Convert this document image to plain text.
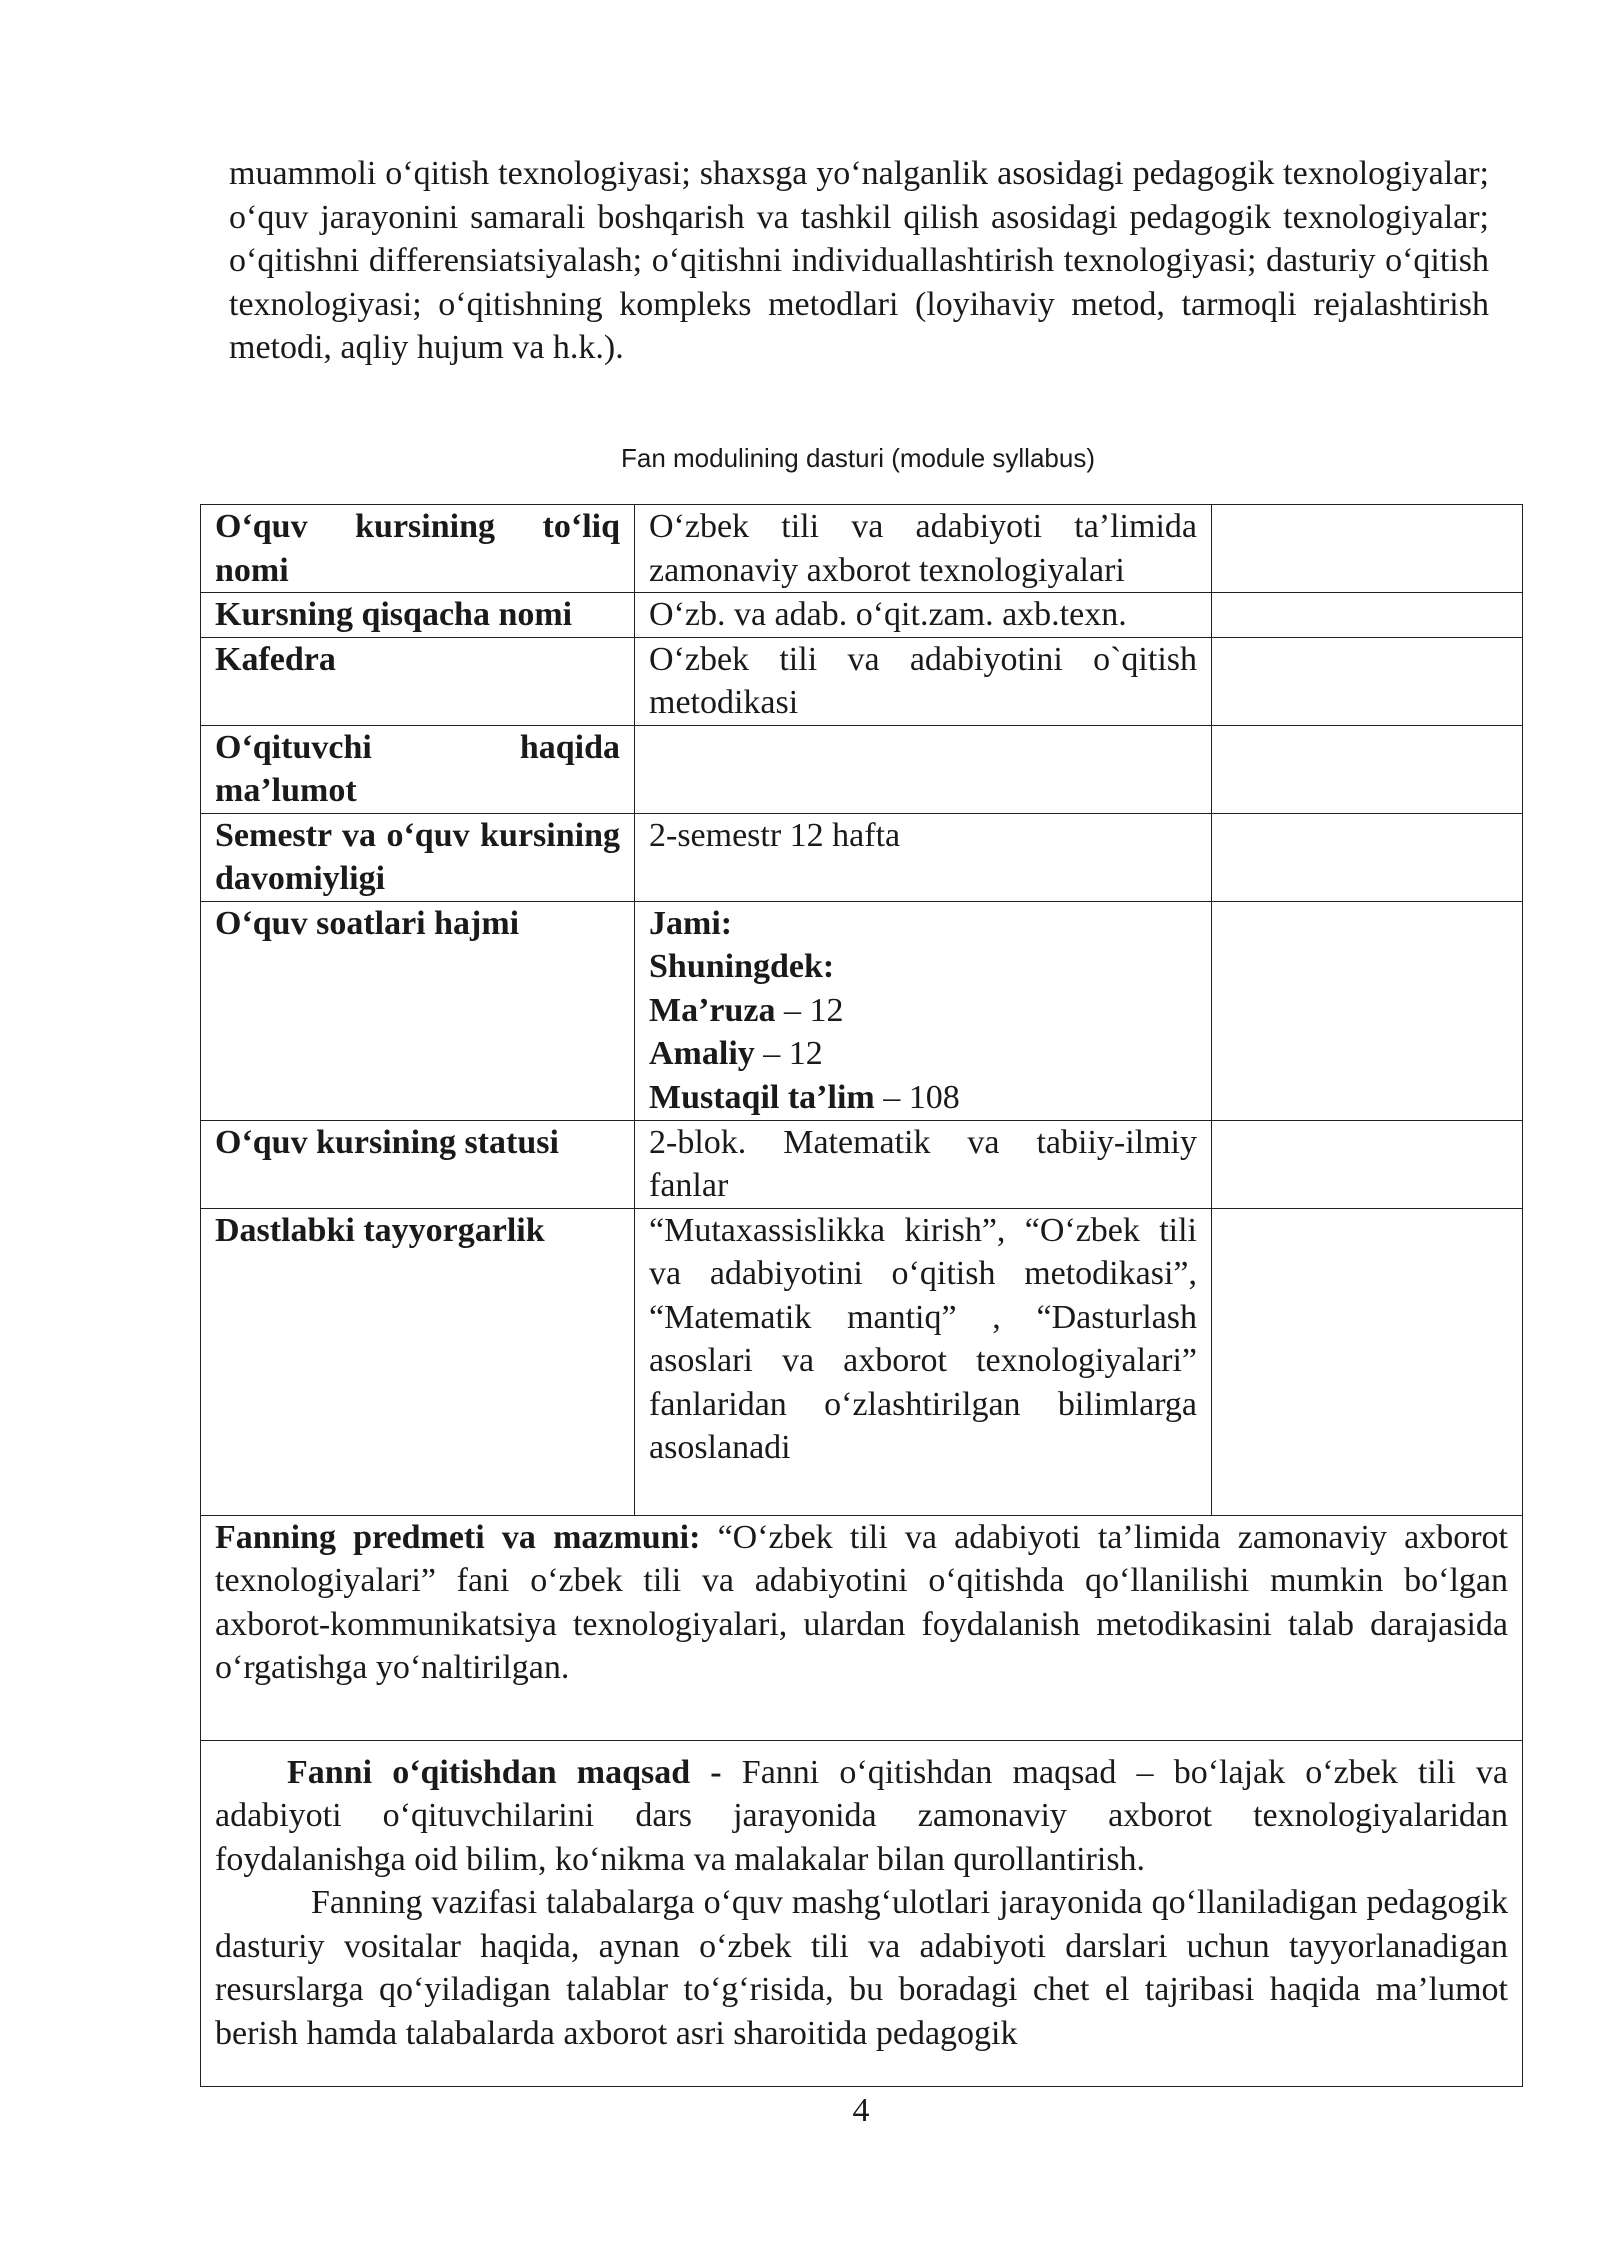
muammoli o‘qitish texnologiyasi; shaxsga yo‘nalganlik asosidagi pedagogik texnologiyalar; o‘quv jarayonini samarali boshqarish va tashkil qilish asosidagi pedagogik texnologiyalar; o‘qitishni differensiatsiyalash; o‘qitishni individuallashtirish texnologiyasi; dasturiy o‘qitish texnologiyasi; o‘qitishning kompleks metodlari (loyihaviy metod, tarmoqli rejalashtirish metodi, aqliy hujum va h.k.).

Fan modulining dasturi (module syllabus)

O‘quv kursining to‘liq nomi	O‘zbek tili va adabiyoti ta’limida zamonaviy axborot texnologiyalari	
Kursning qisqacha nomi	O‘zb. va adab. o‘qit.zam. axb.texn.	
Kafedra	O‘zbek tili va adabiyotini o`qitish metodikasi	
O‘qituvchi haqida ma’lumot		
Semestr va o‘quv kursining davomiyligi	2-semestr 12 hafta	
O‘quv soatlari hajmi	Jami:
Shuningdek:
Ma’ruza – 12
Amaliy – 12
Mustaqil ta’lim – 108	
O‘quv kursining statusi	2-blok. Matematik va tabiiy-ilmiy fanlar	
Dastlabki tayyorgarlik	“Mutaxassislikka kirish”, “O‘zbek tili va adabiyotini o‘qitish metodikasi”, “Matematik mantiq” , “Dasturlash asoslari va axborot texnologiyalari” fanlaridan o‘zlashtirilgan bilimlarga asoslanadi	

Fanning predmeti va mazmuni: “O‘zbek tili va adabiyoti ta’limida zamonaviy axborot texnologiyalari” fani o‘zbek tili va adabiyotini o‘qitishda qo‘llanilishi mumkin bo‘lgan axborot-kommunikatsiya texnologiyalari, ulardan foydalanish metodikasini talab darajasida o‘rgatishga yo‘naltirilgan.		

Fanni o‘qitishdan maqsad - Fanni o‘qitishdan maqsad – bo‘lajak o‘zbek tili va adabiyoti o‘qituvchilarini dars jarayonida zamonaviy axborot texnologiyalaridan foydalanishga oid bilim, ko‘nikma va malakalar bilan qurollantirish.

Fanning vazifasi talabalarga o‘quv mashg‘ulotlari jarayonida qo‘llaniladigan pedagogik dasturiy vositalar haqida, aynan o‘zbek tili va adabiyoti darslari uchun tayyorlanadigan resurslarga qo‘yiladigan talablar to‘g‘risida, bu boradagi chet el tajribasi haqida ma’lumot berish hamda talabalarda axborot asri sharoitida pedagogik		

4
